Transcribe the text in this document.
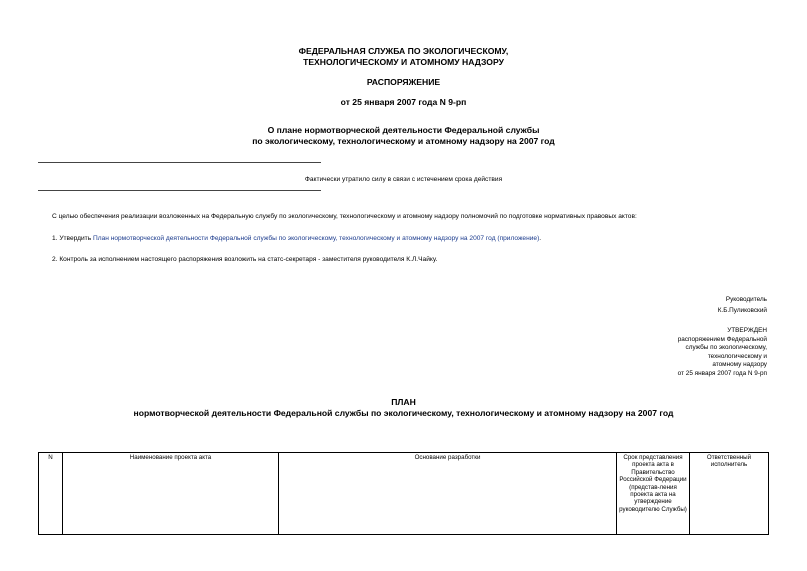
ФЕДЕРАЛЬНАЯ СЛУЖБА ПО ЭКОЛОГИЧЕСКОМУ,
ТЕХНОЛОГИЧЕСКОМУ И АТОМНОМУ НАДЗОРУ
РАСПОРЯЖЕНИЕ
от 25 января 2007 года N 9-рп
О плане нормотворческой деятельности Федеральной службы
по экологическому, технологическому и атомному надзору на 2007 год
Фактически утратило силу в связи с истечением срока действия
С целью обеспечения реализации возложенных на Федеральную службу по экологическому, технологическому и атомному надзору полномочий по подготовке нормативных правовых актов:
1. Утвердить План нормотворческой деятельности Федеральной службы по экологическому, технологическому и атомному надзору на 2007 год (приложение).
2. Контроль за исполнением настоящего распоряжения возложить на статс-секретаря - заместителя руководителя К.Л.Чайку.
Руководитель
К.Б.Пуликовский
УТВЕРЖДЕН
распоряжением Федеральной
службы по экологическому,
технологическому и
атомному надзору
от 25 января 2007 года N 9-рп
ПЛАН
нормотворческой деятельности Федеральной службы по экологическому, технологическому и атомному надзору на 2007 год
N	Наименование проекта акта	Основание разработки	Срок представления проекта акта в Правительство Российской Федерации (представ-ления проекта акта на утверждение руководителю Службы)	Ответственный исполнитель
